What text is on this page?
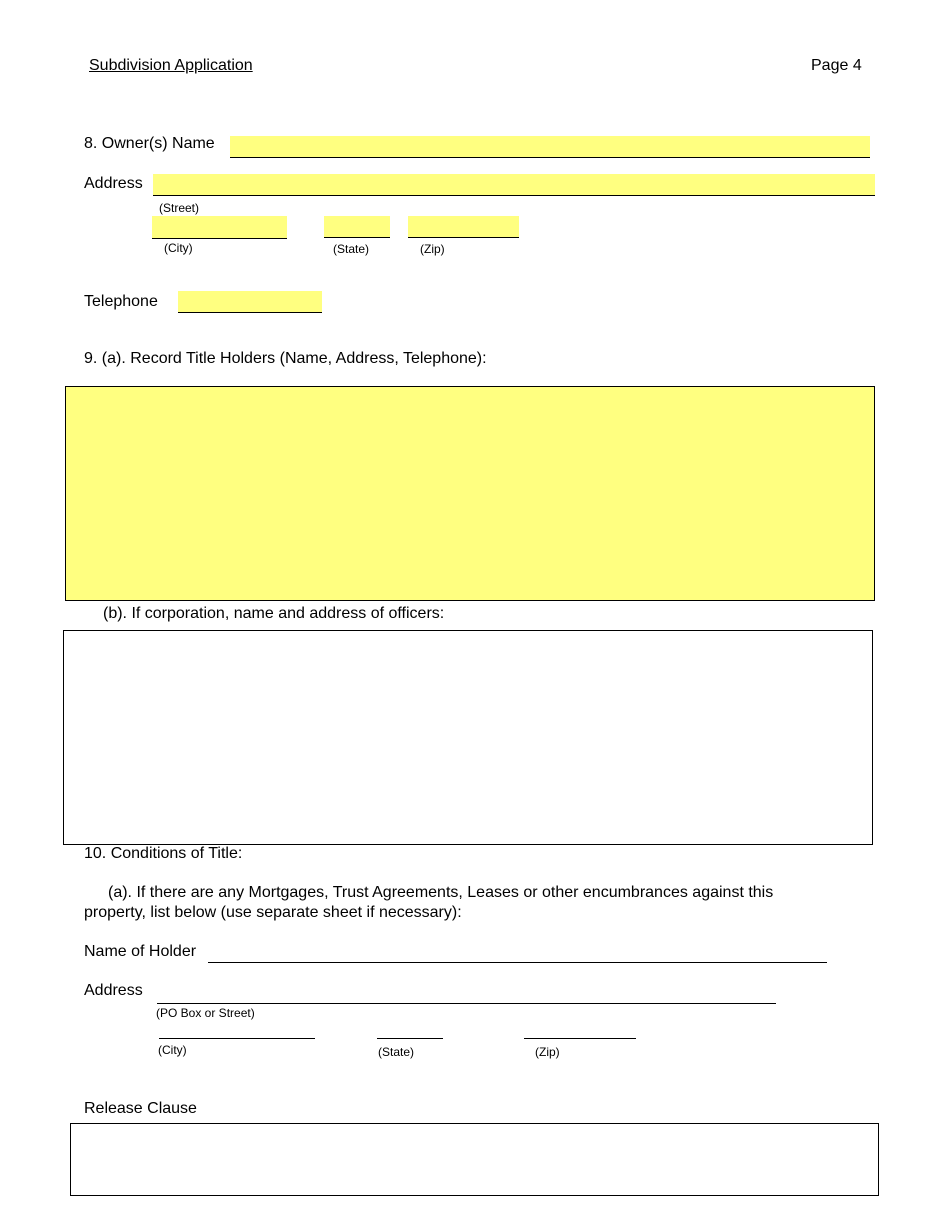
Subdivision Application	Page 4
8. Owner(s) Name
Address
(Street)
(City)	(State)	(Zip)
Telephone
9. (a). Record Title Holders (Name, Address, Telephone):
(b). If corporation, name and address of officers:
10. Conditions of Title:
(a). If there are any Mortgages, Trust Agreements, Leases or other encumbrances against this
property, list below (use separate sheet if necessary):
Name of Holder
Address
(PO Box or Street)
(City)	(State)	(Zip)
Release Clause
